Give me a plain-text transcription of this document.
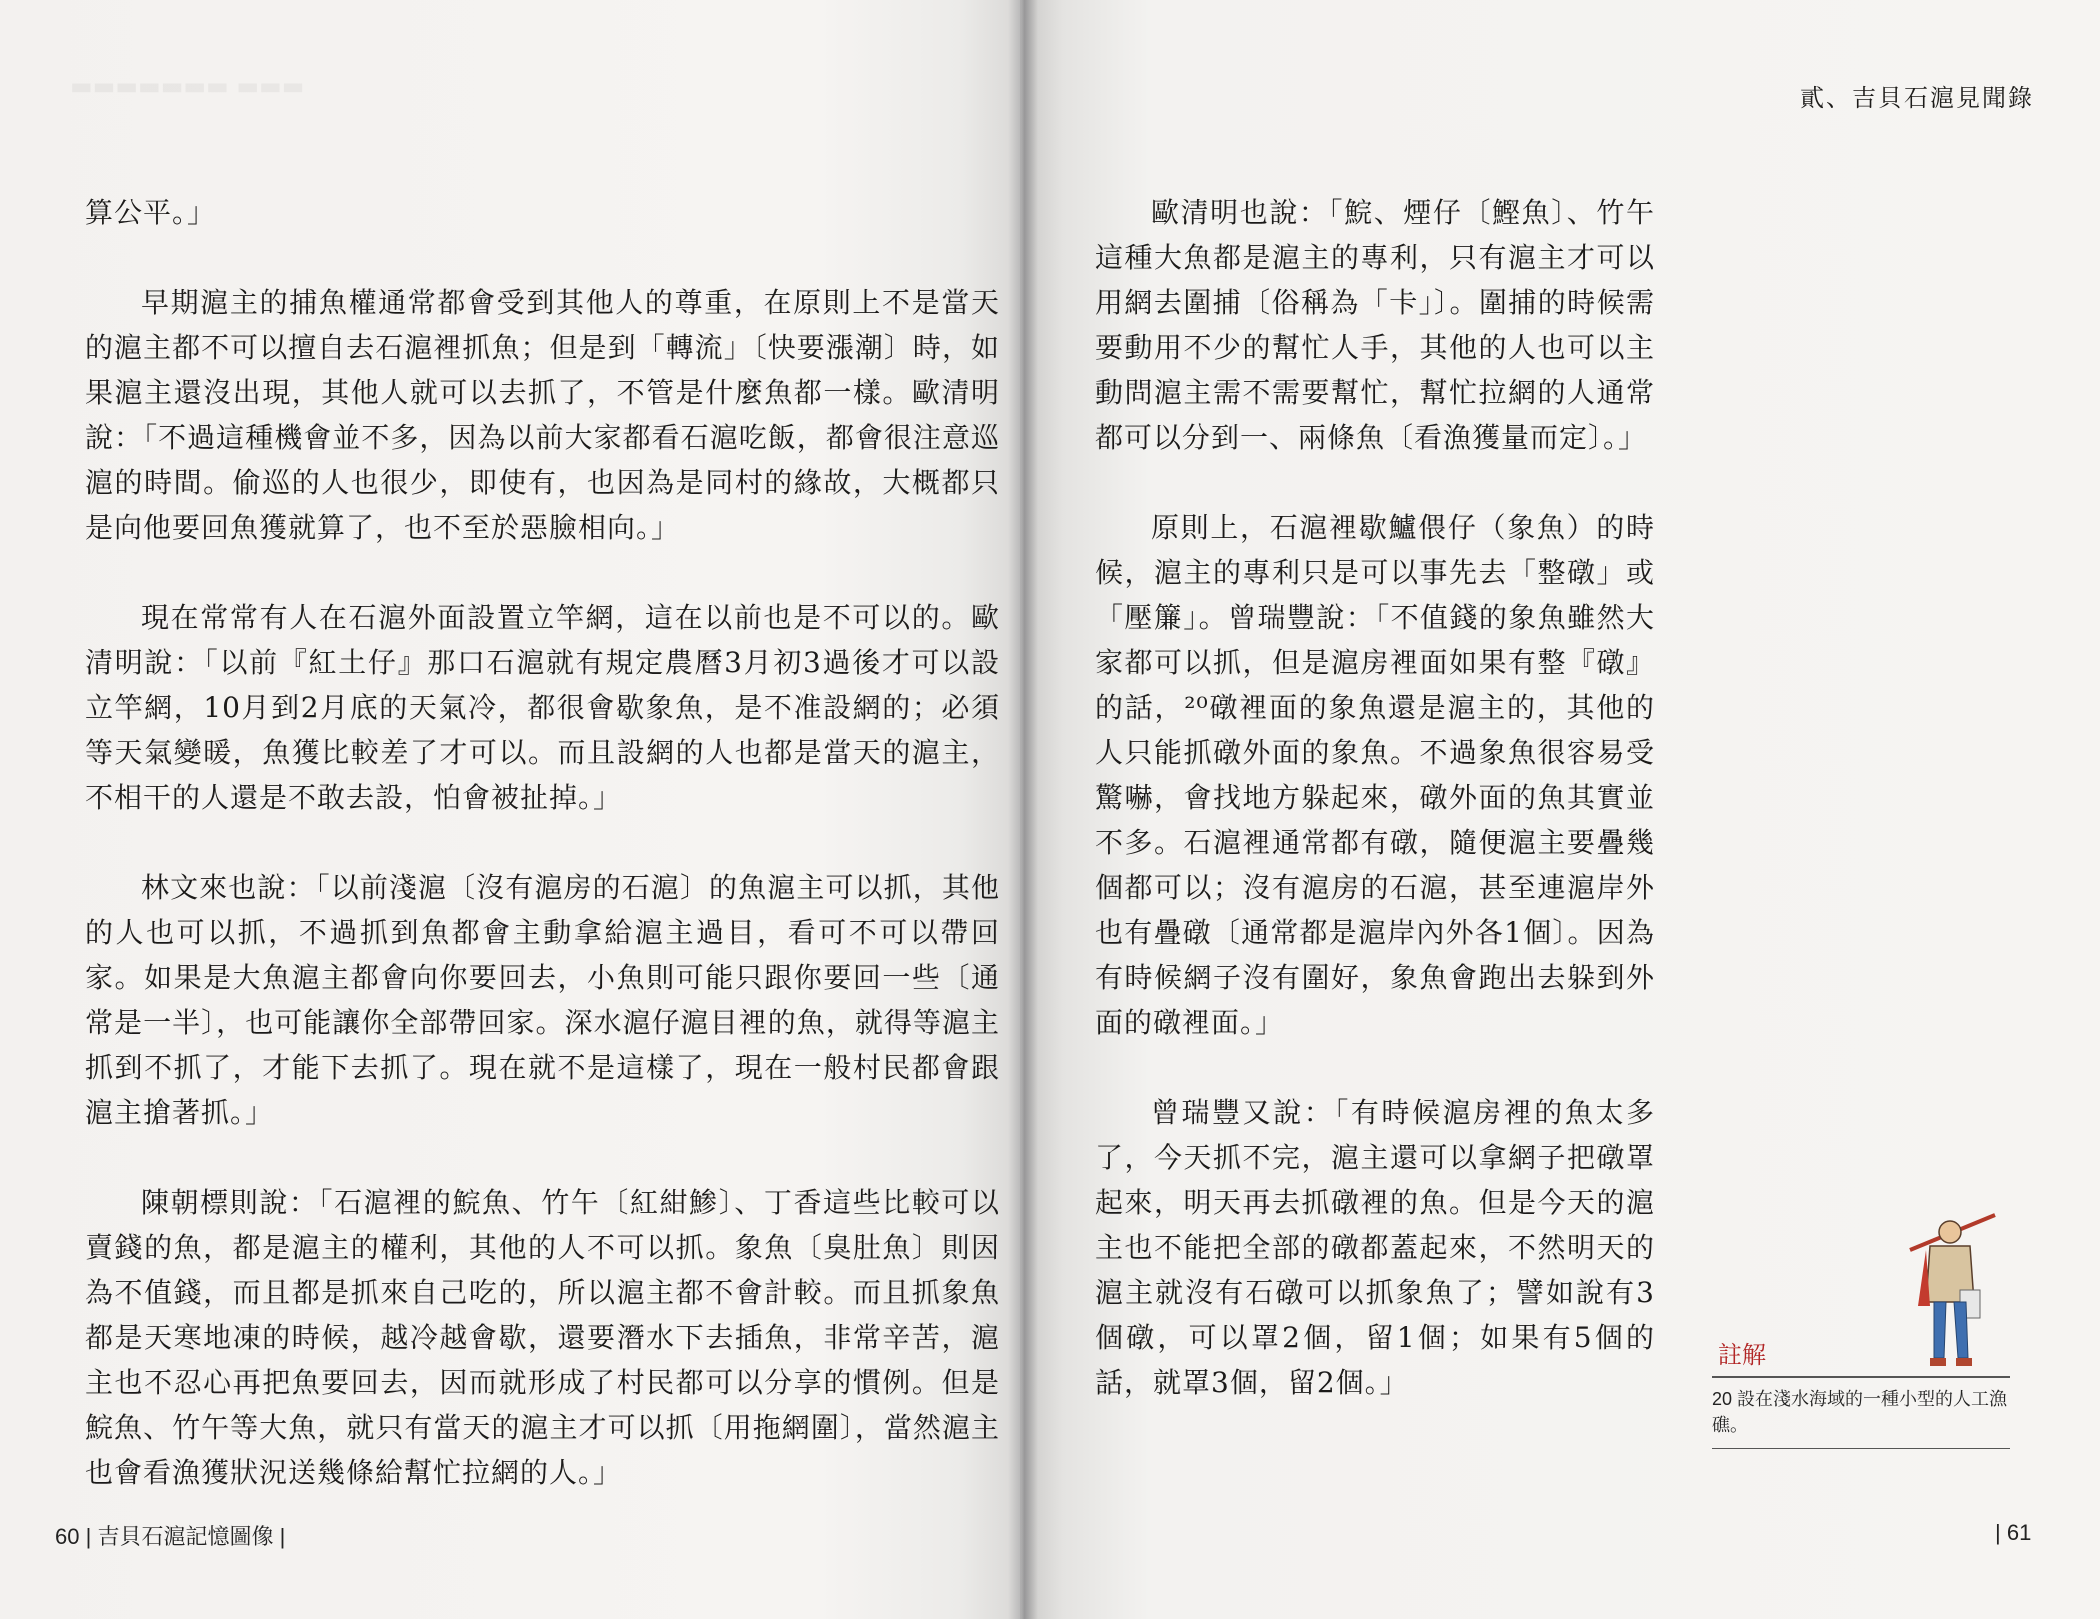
▬▬▬▬▬▬▬ ▬▬▬

算公平。」

早期滬主的捕魚權通常都會受到其他人的尊重，在原則上不是當天的滬主都不可以擅自去石滬裡抓魚；但是到「轉流」〔快要漲潮〕時，如果滬主還沒出現，其他人就可以去抓了，不管是什麼魚都一樣。歐清明說：「不過這種機會並不多，因為以前大家都看石滬吃飯，都會很注意巡滬的時間。偷巡的人也很少，即使有，也因為是同村的緣故，大概都只是向他要回魚獲就算了，也不至於惡臉相向。」

現在常常有人在石滬外面設置立竿網，這在以前也是不可以的。歐清明說：「以前『紅土仔』那口石滬就有規定農曆3月初3過後才可以設立竿網，10月到2月底的天氣冷，都很會歇象魚，是不准設網的；必須等天氣變暖，魚獲比較差了才可以。而且設網的人也都是當天的滬主，不相干的人還是不敢去設，怕會被扯掉。」

林文來也說：「以前淺滬〔沒有滬房的石滬〕的魚滬主可以抓，其他的人也可以抓，不過抓到魚都會主動拿給滬主過目，看可不可以帶回家。如果是大魚滬主都會向你要回去，小魚則可能只跟你要回一些〔通常是一半〕，也可能讓你全部帶回家。深水滬仔滬目裡的魚，就得等滬主抓到不抓了，才能下去抓了。現在就不是這樣了，現在一般村民都會跟滬主搶著抓。」

陳朝標則說：「石滬裡的鯇魚、竹午〔紅紺鯵〕、丁香這些比較可以賣錢的魚，都是滬主的權利，其他的人不可以抓。象魚〔臭肚魚〕則因為不值錢，而且都是抓來自己吃的，所以滬主都不會計較。而且抓象魚都是天寒地凍的時候，越冷越會歇，還要潛水下去插魚，非常辛苦，滬主也不忍心再把魚要回去，因而就形成了村民都可以分享的慣例。但是鯇魚、竹午等大魚，就只有當天的滬主才可以抓〔用拖網圍〕，當然滬主也會看漁獲狀況送幾條給幫忙拉網的人。」

60 | 吉貝石滬記憶圖像 |
貳、吉貝石滬見聞錄

歐清明也說：「鯇、煙仔〔鰹魚〕、竹午這種大魚都是滬主的專利，只有滬主才可以用網去圍捕〔俗稱為「卡」〕。圍捕的時候需要動用不少的幫忙人手，其他的人也可以主動問滬主需不需要幫忙，幫忙拉網的人通常都可以分到一、兩條魚〔看漁獲量而定〕。」

原則上，石滬裡歇鱸偎仔（象魚）的時候，滬主的專利只是可以事先去「整礅」或「壓簾」。曾瑞豐說：「不值錢的象魚雖然大家都可以抓，但是滬房裡面如果有整『礅』的話，²⁰礅裡面的象魚還是滬主的，其他的人只能抓礅外面的象魚。不過象魚很容易受驚嚇，會找地方躲起來，礅外面的魚其實並不多。石滬裡通常都有礅，隨便滬主要疊幾個都可以；沒有滬房的石滬，甚至連滬岸外也有疊礅〔通常都是滬岸內外各1個〕。因為有時候網子沒有圍好，象魚會跑出去躲到外面的礅裡面。」

曾瑞豐又說：「有時候滬房裡的魚太多了，今天抓不完，滬主還可以拿網子把礅罩起來，明天再去抓礅裡的魚。但是今天的滬主也不能把全部的礅都蓋起來，不然明天的滬主就沒有石礅可以抓象魚了；譬如說有3個礅，可以罩2個，留1個；如果有5個的話，就罩3個，留2個。」

註解
20 設在淺水海域的一種小型的人工漁礁。
| 61
